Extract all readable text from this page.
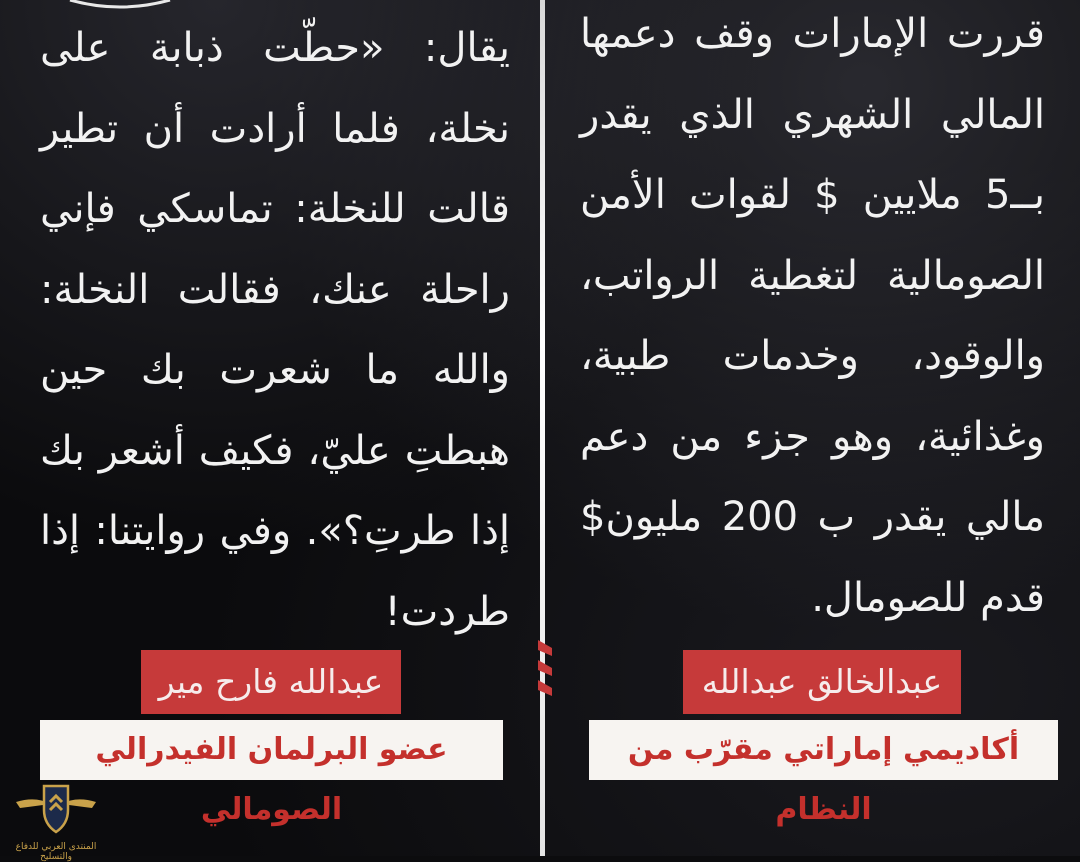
يقال: «حطّت ذبابة على نخلة، فلما أرادت أن تطير قالت للنخلة: تماسكي فإني راحلة عنك، فقالت النخلة: والله ما شعرت بك حين هبطتِ عليّ، فكيف أشعر بك إذا طرتِ؟». وفي روايتنا: إذا طردت!

قررت الإمارات وقف دعمها المالي الشهري الذي يقدر بــ5 ملايين $ لقوات الأمن الصومالية لتغطية الرواتب، والوقود، وخدمات طبية، وغذائية، وهو جزء من دعم مالي يقدر ب 200 مليون$ قدم للصومال.

عبدالله فارح مير
عضو البرلمان الفيدرالي الصومالي
عبدالخالق عبدالله
أكاديمي إماراتي مقرّب من النظام
المنتدى العربي للدفاع والتسليح
